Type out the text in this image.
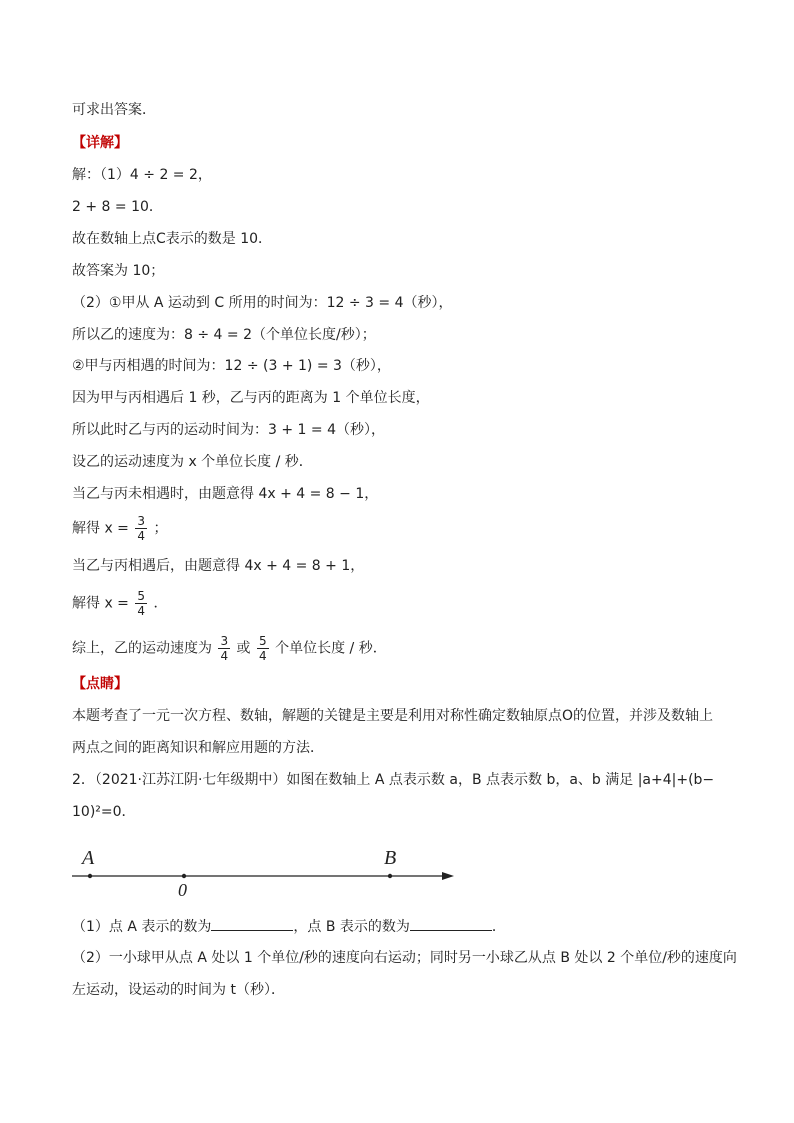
可求出答案．
【详解】
解：（1）4 ÷ 2 = 2，
2 + 8 = 10．
故在数轴上点C表示的数是 10．
故答案为 10；
（2）①甲从 A 运动到 C 所用的时间为：12 ÷ 3 = 4（秒），
所以乙的速度为：8 ÷ 4 = 2（个单位长度/秒）；
②甲与丙相遇的时间为：12 ÷ (3 + 1) = 3（秒），
因为甲与丙相遇后 1 秒，乙与丙的距离为 1 个单位长度，
所以此时乙与丙的运动时间为：3 + 1 = 4（秒），
设乙的运动速度为 x 个单位长度 / 秒．
当乙与丙未相遇时，由题意得 4x + 4 = 8 − 1，
解得 $x = \frac{3}{4}$ ；
当乙与丙相遇后，由题意得 4x + 4 = 8 + 1，
解得 $x = \frac{5}{4}$ ．
综上，乙的运动速度为 $\frac{3}{4}$ 或 $\frac{5}{4}$ 个单位长度 / 秒．
【点睛】
本题考查了一元一次方程、数轴，解题的关键是主要是利用对称性确定数轴原点O的位置，并涉及数轴上
两点之间的距离知识和解应用题的方法．
2．（2021·江苏江阴·七年级期中）如图在数轴上 A 点表示数 a，B 点表示数 b，a、b 满足 |a+4|+(b−
10)²=0．
A
0
B
（1）点 A 表示的数为	，点 B 表示的数为	．
（2）一小球甲从点 A 处以 1 个单位/秒的速度向右运动；同时另一小球乙从点 B 处以 2 个单位/秒的速度向
左运动，设运动的时间为 t（秒）．
